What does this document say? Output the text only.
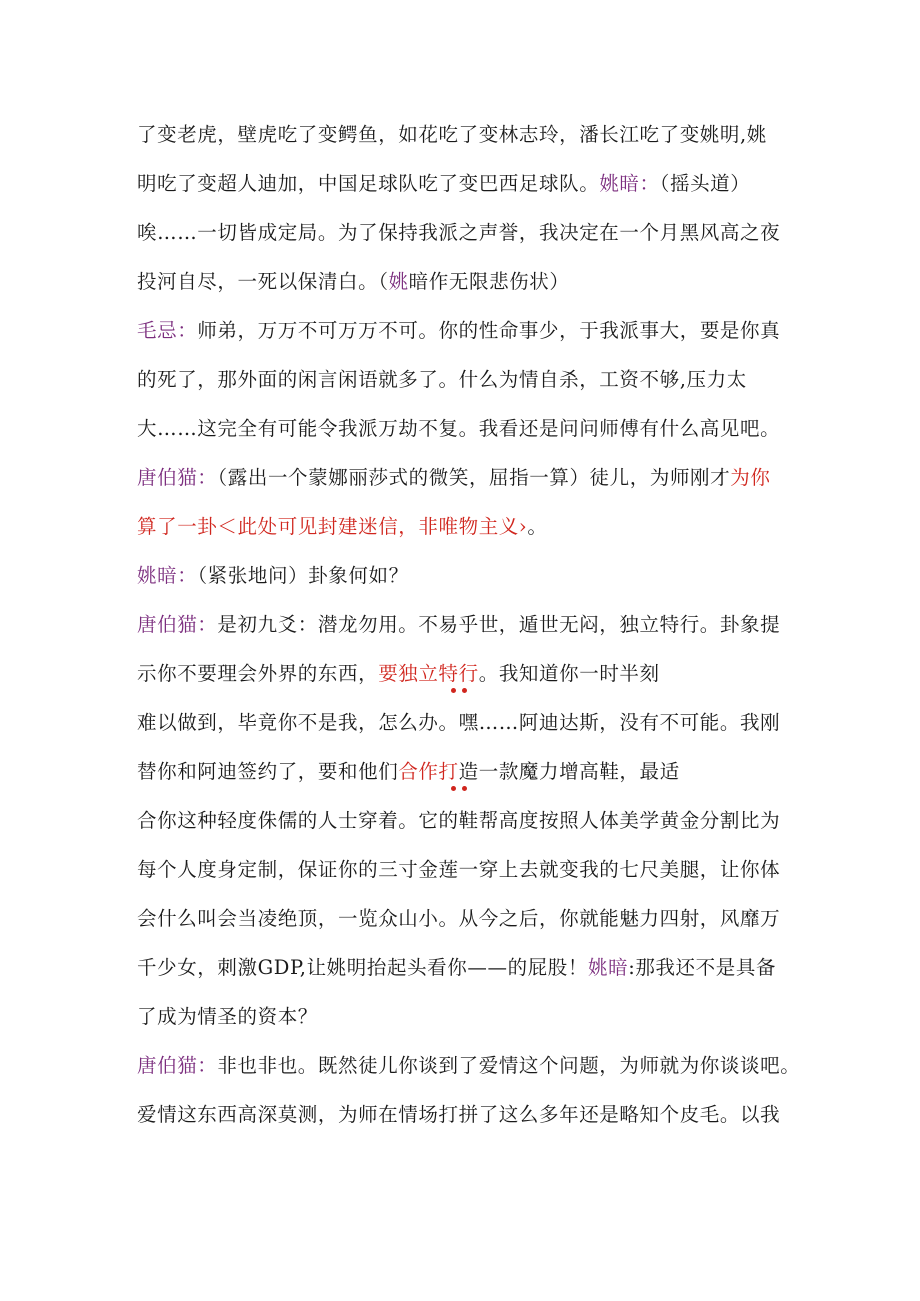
了变老虎，壁虎吃了变鳄鱼，如花吃了变林志玲，潘长江吃了变姚明,姚
明吃了变超人迪加，中国足球队吃了变巴西足球队。姚暗：（摇头道）
唉……一切皆成定局。为了保持我派之声誉，我决定在一个月黑风高之夜
投河自尽，一死以保清白。（姚暗作无限悲伤状）
毛忌：师弟，万万不可万万不可。你的性命事少，于我派事大，要是你真
的死了，那外面的闲言闲语就多了。什么为情自杀，工资不够,压力太
大……这完全有可能令我派万劫不复。我看还是问问师傅有什么高见吧。
唐伯猫：（露出一个蒙娜丽莎式的微笑，屈指一算）徒儿，为师刚才为你
算了一卦＜此处可见封建迷信，非唯物主义›。
姚暗：（紧张地问）卦象何如？
唐伯猫：是初九爻：潜龙勿用。不易乎世，遁世无闷，独立特行。卦象提
示你不要理会外界的东西，要独立特行。我知道你一时半刻
难以做到，毕竟你不是我，怎么办。嘿……阿迪达斯，没有不可能。我刚
替你和阿迪签约了，要和他们合作打造一款魔力增高鞋，最适
合你这种轻度侏儒的人士穿着。它的鞋帮高度按照人体美学黄金分割比为
每个人度身定制，保证你的三寸金莲一穿上去就变我的七尺美腿，让你体
会什么叫会当凌绝顶，一览众山小。从今之后，你就能魅力四射，风靡万
千少女，刺激GDP,让姚明抬起头看你——的屁股！姚暗:那我还不是具备
了成为情圣的资本？
唐伯猫：非也非也。既然徒儿你谈到了爱情这个问题，为师就为你谈谈吧。
爱情这东西高深莫测，为师在情场打拼了这么多年还是略知个皮毛。以我
